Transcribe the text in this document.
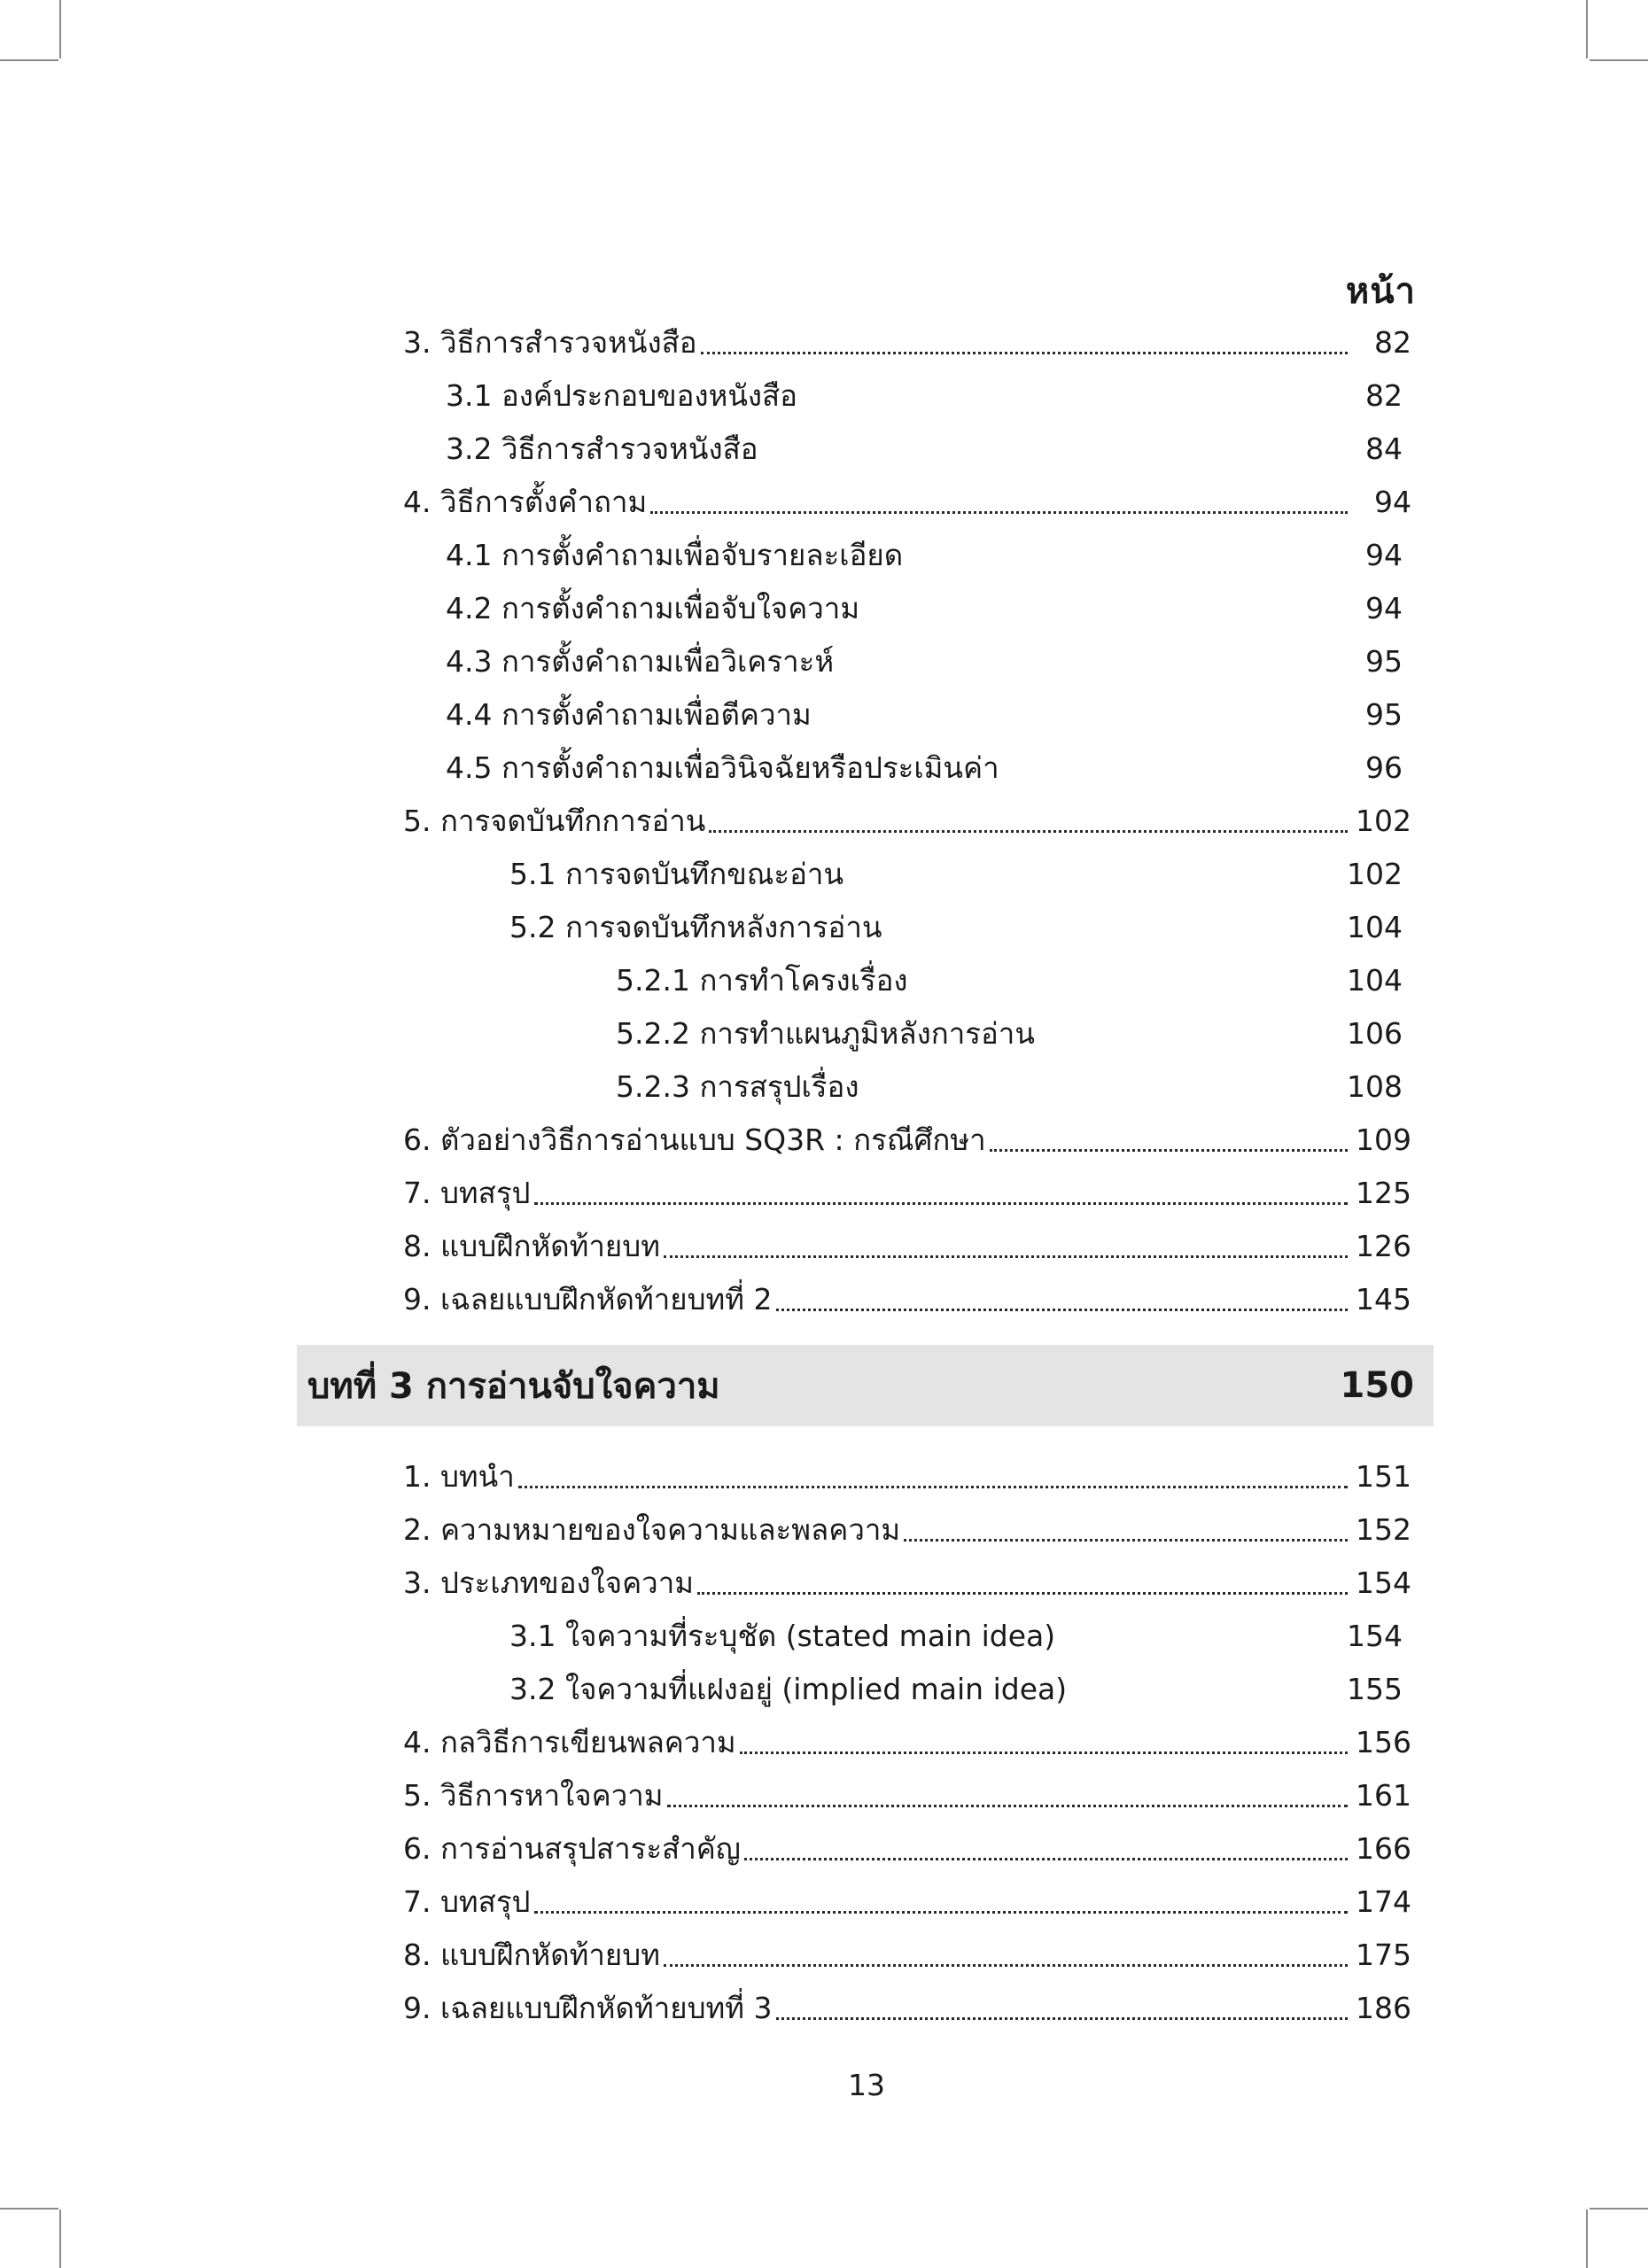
หน้า
3. วิธีการสำรวจหนังสือ	82
3.1 องค์ประกอบของหนังสือ	82
3.2 วิธีการสำรวจหนังสือ	84
4. วิธีการตั้งคำถาม	94
4.1 การตั้งคำถามเพื่อจับรายละเอียด	94
4.2 การตั้งคำถามเพื่อจับใจความ	94
4.3 การตั้งคำถามเพื่อวิเคราะห์	95
4.4 การตั้งคำถามเพื่อตีความ	95
4.5 การตั้งคำถามเพื่อวินิจฉัยหรือประเมินค่า	96
5. การจดบันทึกการอ่าน	102
5.1 การจดบันทึกขณะอ่าน	102
5.2 การจดบันทึกหลังการอ่าน	104
5.2.1 การทำโครงเรื่อง	104
5.2.2 การทำแผนภูมิหลังการอ่าน	106
5.2.3 การสรุปเรื่อง	108
6. ตัวอย่างวิธีการอ่านแบบ SQ3R : กรณีศึกษา	109
7. บทสรุป	125
8. แบบฝึกหัดท้ายบท	126
9. เฉลยแบบฝึกหัดท้ายบทที่ 2	145
บทที่ 3 การอ่านจับใจความ	150
1. บทนำ	151
2. ความหมายของใจความและพลความ	152
3. ประเภทของใจความ	154
3.1 ใจความที่ระบุชัด (stated main idea)	154
3.2 ใจความที่แฝงอยู่ (implied main idea)	155
4. กลวิธีการเขียนพลความ	156
5. วิธีการหาใจความ	161
6. การอ่านสรุปสาระสำคัญ	166
7. บทสรุป	174
8. แบบฝึกหัดท้ายบท	175
9. เฉลยแบบฝึกหัดท้ายบทที่ 3	186
13
